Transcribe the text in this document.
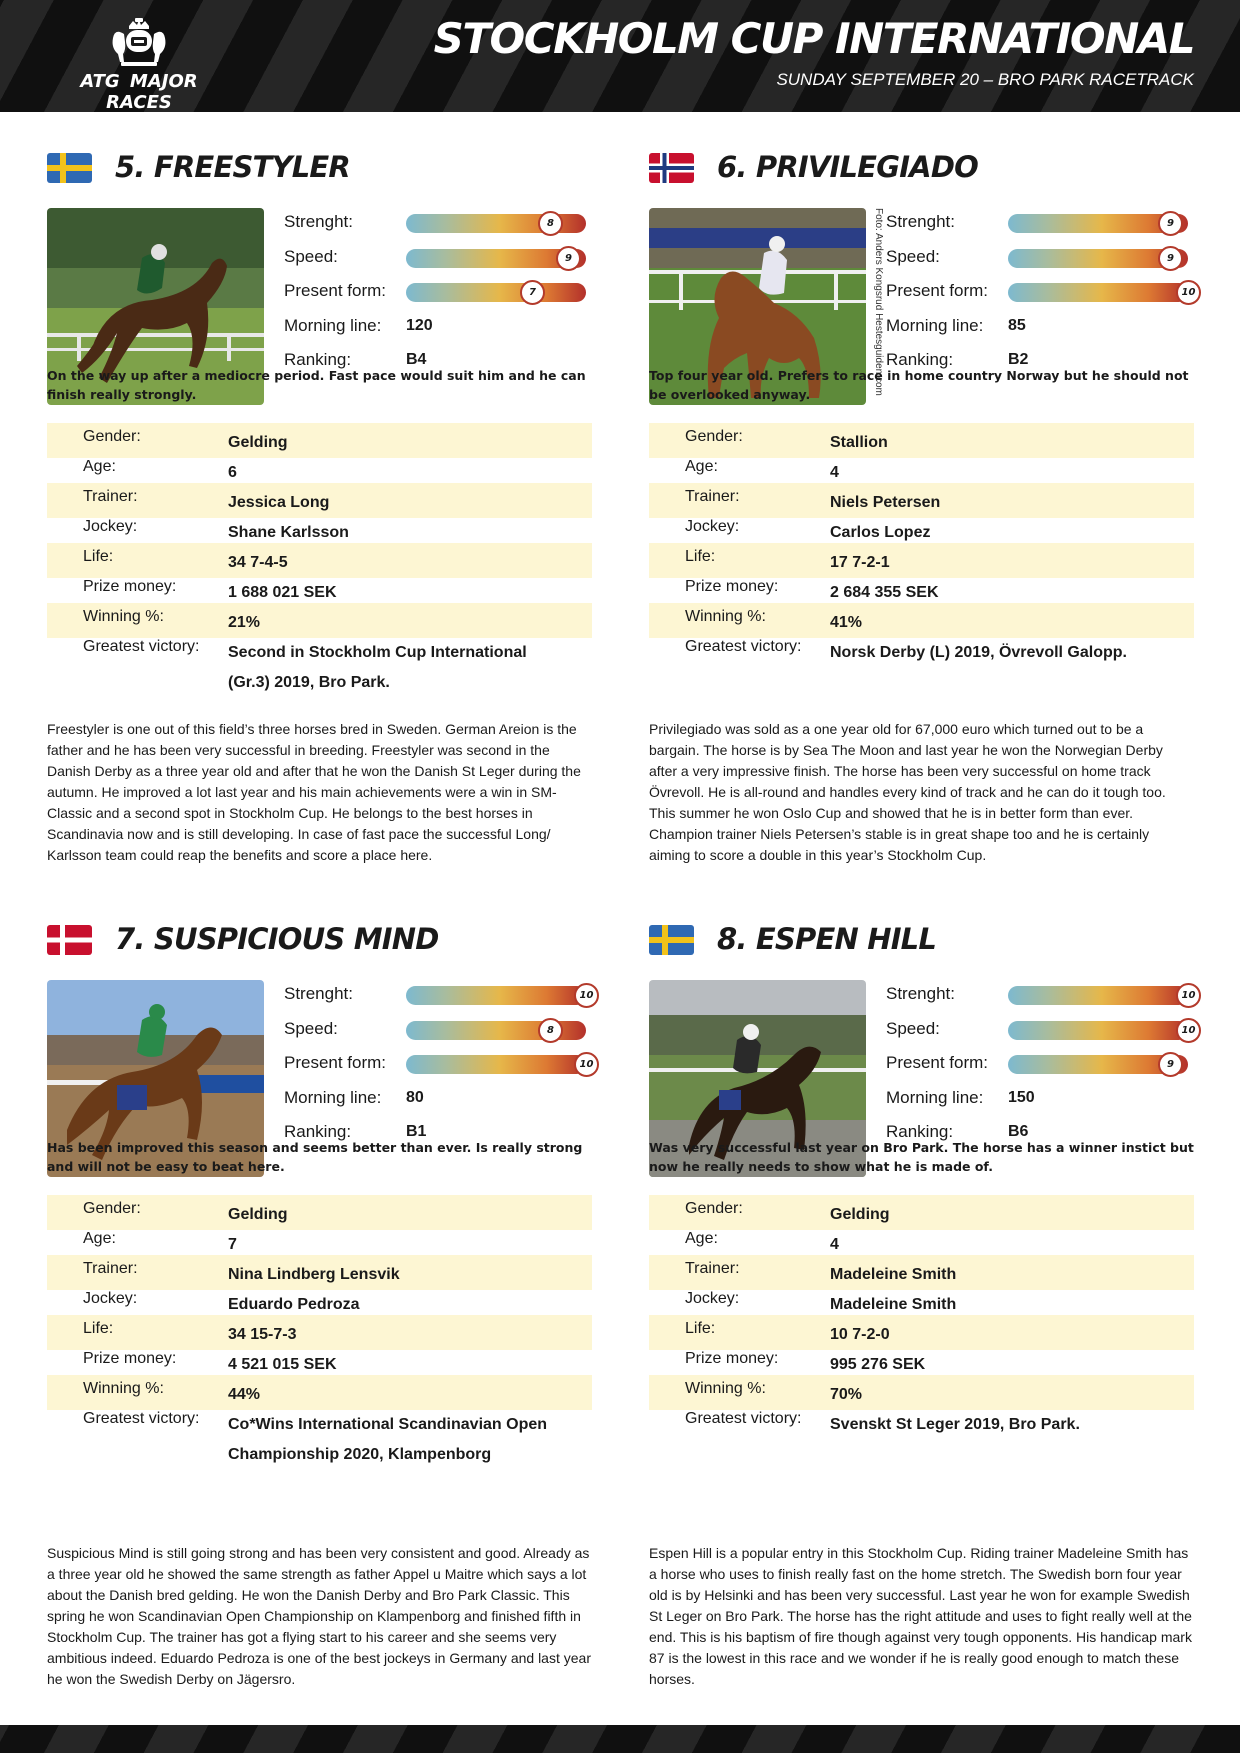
ATG MAJOR RACES
STOCKHOLM CUP INTERNATIONAL
SUNDAY SEPTEMBER 20 – BRO PARK RACETRACK
5. FREESTYLER
Strenght:	8
Speed:	9
Present form:	7
Morning line: 120
Ranking:	B4
On the way up after a mediocre period. Fast pace would suit him and he can finish really strongly.
Gender:	Gelding
Age:	6
Trainer:	Jessica Long
Jockey:	Shane Karlsson
Life:	34 7-4-5
Prize money:	1 688 021 SEK
Winning %:	21%
Greatest victory: Second in Stockholm Cup International (Gr.3) 2019, Bro Park.
Freestyler is one out of this field’s three horses bred in Sweden. German Areion is the father and he has been very successful in breeding. Freestyler was second in the Danish Derby as a three year old and after that he won the Danish St Leger during the autumn. He improved a lot last year and his main achievements were a win in SM-Classic and a second spot in Stockholm Cup. He belongs to the best horses in Scandinavia now and is still developing. In case of fast pace the successful Long/ Karlsson team could reap the benefits and score a place here.
6. PRIVILEGIADO
Foto: Anders Kongsrud Hestesguiden.com Strenght:	9
Speed:	9
Present form:	10
Morning line: 85
Ranking:	B2
Top four year old. Prefers to race in home country Norway but he should not be overlooked anyway.
Gender:	Stallion
Age:	4
Trainer:	Niels Petersen
Jockey:	Carlos Lopez
Life:	17 7-2-1
Prize money:	2 684 355 SEK
Winning %:	41%
Greatest victory: Norsk Derby (L) 2019, Övrevoll Galopp.
Privilegiado was sold as a one year old for 67,000 euro which turned out to be a bargain. The horse is by Sea The Moon and last year he won the Norwegian Derby after a very impressive finish. The horse has been very successful on home track Övrevoll. He is all-round and handles every kind of track and he can do it tough too. This summer he won Oslo Cup and showed that he is in better form than ever. Champion trainer Niels Petersen’s stable is in great shape too and he is certainly aiming to score a double in this year’s Stockholm Cup.
7. SUSPICIOUS MIND
Strenght:	10
Speed:	8
Present form:	10
Morning line: 80
Ranking:	B1
Has been improved this season and seems better than ever. Is really strong and will not be easy to beat here.
Gender:	Gelding
Age:	7
Trainer:	Nina Lindberg Lensvik
Jockey:	Eduardo Pedroza
Life:	34 15-7-3
Prize money:	4 521 015 SEK
Winning %:	44%
Greatest victory: Co*Wins International Scandinavian Open Championship 2020, Klampenborg
Suspicious Mind is still going strong and has been very consistent and good. Already as a three year old he showed the same strength as father Appel u Maitre which says a lot about the Danish bred gelding. He won the Danish Derby and Bro Park Classic. This spring he won Scandinavian Open Championship on Klampenborg and finished fifth in Stockholm Cup. The trainer has got a flying start to his career and she seems very ambitious indeed. Eduardo Pedroza is one of the best jockeys in Germany and last year he won the Swedish Derby on Jägersro.
8. ESPEN HILL
Strenght:	10
Speed:	10
Present form:	9
Morning line: 150
Ranking:	B6
Was very successful last year on Bro Park. The horse has a winner instict but now he really needs to show what he is made of.
Gender:	Gelding
Age:	4
Trainer:	Madeleine Smith
Jockey:	Madeleine Smith
Life:	10 7-2-0
Prize money:	995 276 SEK
Winning %:	70%
Greatest victory: Svenskt St Leger 2019, Bro Park.
Espen Hill is a popular entry in this Stockholm Cup. Riding trainer Madeleine Smith has a horse who uses to finish really fast on the home stretch. The Swedish born four year old is by Helsinki and has been very successful. Last year he won for example Swedish St Leger on Bro Park. The horse has the right attitude and uses to fight really well at the end. This is his baptism of fire though against very tough opponents. His handicap mark 87 is the lowest in this race and we wonder if he is really good enough to match these horses.
